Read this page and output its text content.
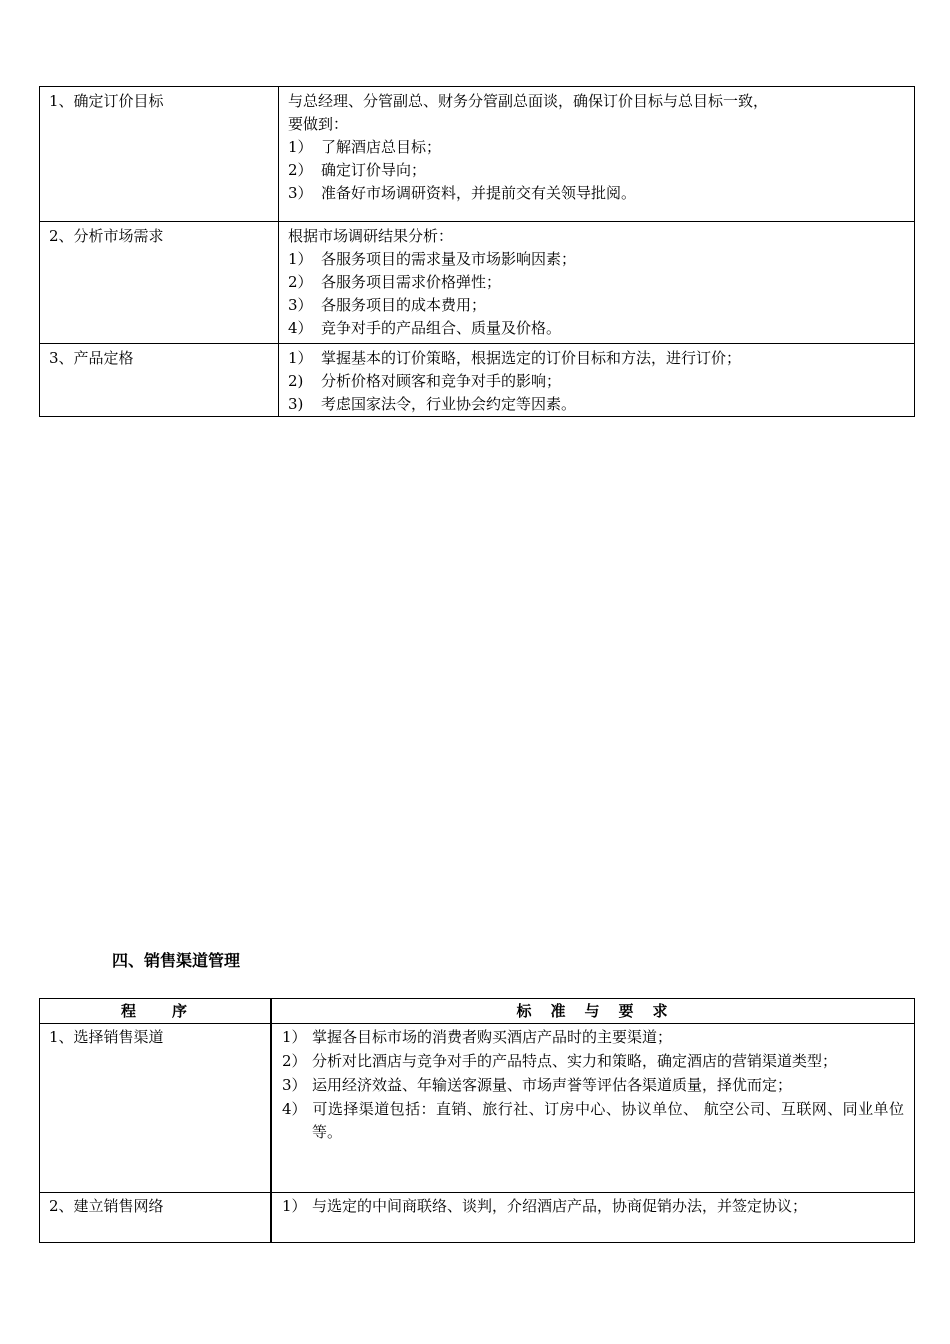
1、确定订价目标	与总经理、分管副总、财务分管副总面谈，确保订价目标与总目标一致，
要做到：
1） 了解酒店总目标；
2） 确定订价导向；
3） 准备好市场调研资料，并提前交有关领导批阅。

2、分析市场需求	根据市场调研结果分析：
1） 各服务项目的需求量及市场影响因素；
2） 各服务项目需求价格弹性；
3） 各服务项目的成本费用；
4） 竞争对手的产品组合、质量及价格。

3、产品定格	1） 掌握基本的订价策略，根据选定的订价目标和方法，进行订价；
2) 分析价格对顾客和竞争对手的影响；
3) 考虑国家法令，行业协会约定等因素。
四、销售渠道管理
程　　序	标　准　与　要　求
1、选择销售渠道	1） 掌握各目标市场的消费者购买酒店产品时的主要渠道；
2） 分析对比酒店与竞争对手的产品特点、实力和策略，确定酒店的营销渠道类型；
3） 运用经济效益、年输送客源量、市场声誉等评估各渠道质量，择优而定；
4） 可选择渠道包括：直销、旅行社、订房中心、协议单位、 航空公司、互联网、同业单位等。

2、建立销售网络	1） 与选定的中间商联络、谈判，介绍酒店产品，协商促销办法，并签定协议；
